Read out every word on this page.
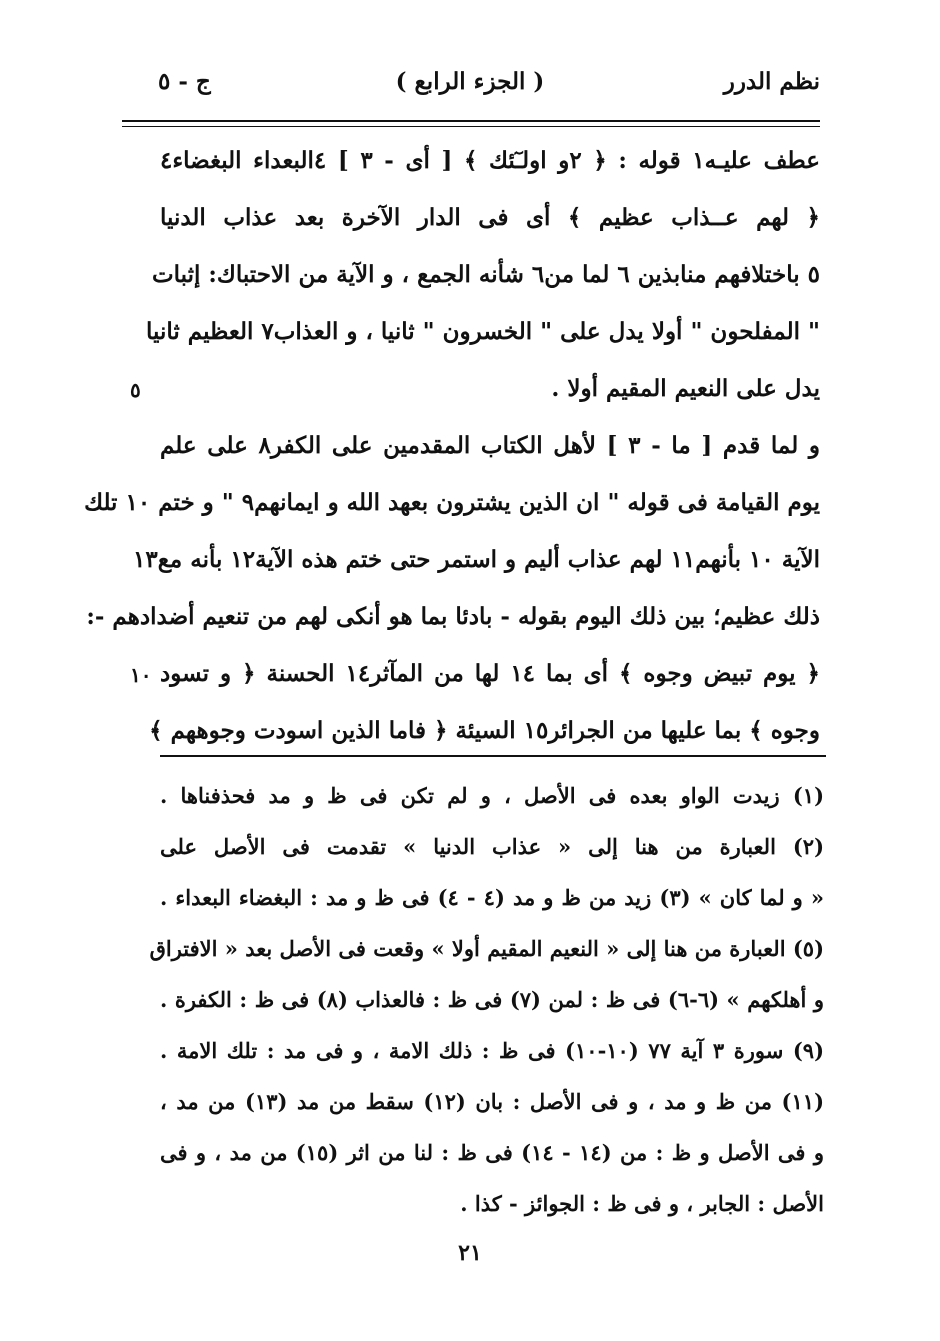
نظم الدرر
( الجزء الرابع )
ج - ٥
عطف عليـه١ قوله : ﴿ ٢و اولـٓئك ﴾ [ أى - ٣ ] ٤البعداء البغضاء٤
﴿ لهم عــذاب عظيم ﴾ أى فى الدار الآخرة بعد عذاب الدنيا
٥ باختلافهم منابذين ٦ لما من٦ شأنه الجمع ، و الآية من الاحتباك: إثبات
" المفلحون " أولا يدل على " الخسرون " ثانيا ، و العذاب٧ العظيم ثانيا
يدل على النعيم المقيم أولا .
و لما قدم [ ما - ٣ ] لأهل الكتاب المقدمين على الكفر٨ على علم
يوم القيامة فى قوله " ان الذين يشترون بعهد الله و ايمانهم٩ " و ختم ١٠ تلك
الآية ١٠ بأنهم١١ لهم عذاب أليم و استمر حتى ختم هذه الآية١٢ بأنه مع١٣
ذلك عظيم؛ بين ذلك اليوم بقوله - بادئا بما هو أنكى لهم من تنعيم أضدادهم -:
﴿ يوم تبيض وجوه ﴾ أى بما ١٤ لها من المآثر١٤ الحسنة ﴿ و تسود
وجوه ﴾ بما عليها من الجرائر١٥ السيئة ﴿ فاما الذين اسودت وجوههم ﴾
٥
١٠
(١) زيدت الواو بعده فى الأصل ، و لم تكن فى ظ و مد فحذفناها .
(٢) العبارة من هنا إلى « عذاب الدنيا » تقدمت فى الأصل على
« و لما كان » (٣) زيد من ظ و مد (٤ - ٤) فى ظ و مد : البغضاء البعداء .
(٥) العبارة من هنا إلى « النعيم المقيم أولا » وقعت فى الأصل بعد « الافتراق
و أهلكهم » (٦-٦) فى ظ : لمن (٧) فى ظ : فالعذاب (٨) فى ظ : الكفرة .
(٩) سورة ٣ آية ٧٧ (١٠-١٠) فى ظ : ذلك الامة ، و فى مد : تلك الامة .
(١١) من ظ و مد ، و فى الأصل : بان (١٢) سقط من مد (١٣) من مد ،
و فى الأصل و ظ : من (١٤ - ١٤) فى ظ : لنا من اثر (١٥) من مد ، و فى
الأصل : الجابر ، و فى ظ : الجوائز - كذا .
٢١
